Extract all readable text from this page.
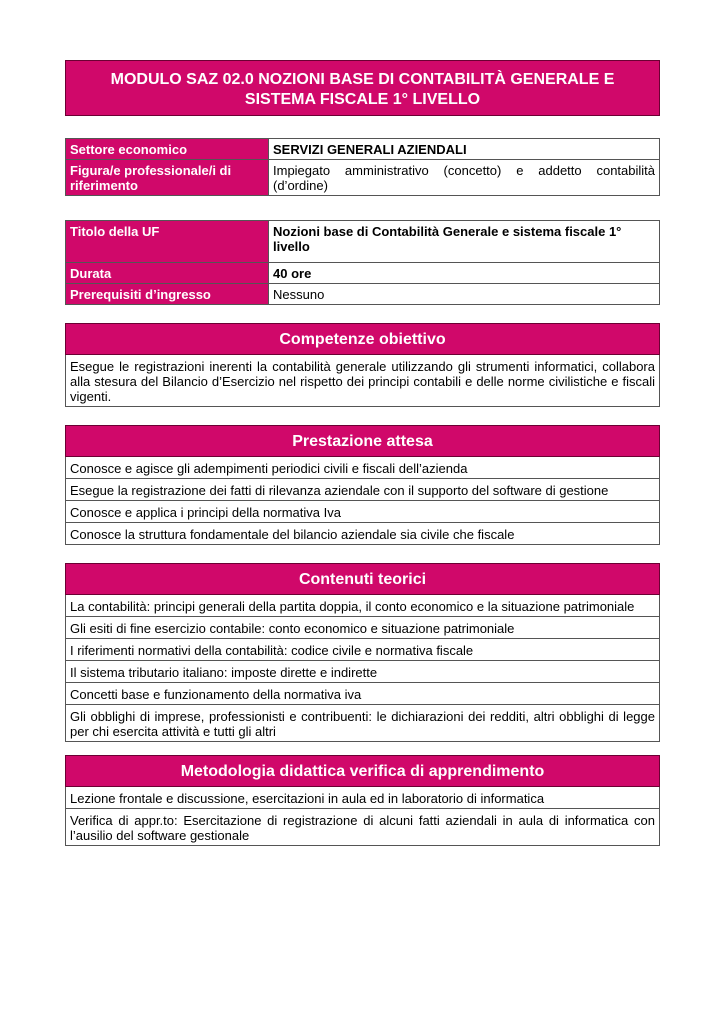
MODULO SAZ 02.0 NOZIONI BASE DI CONTABILITÀ GENERALE E
SISTEMA FISCALE 1° LIVELLO
Settore economico	SERVIZI GENERALI AZIENDALI
Figura/e professionale/i di riferimento	Impiegato amministrativo (concetto) e addetto contabilità (d’ordine)
Titolo della UF	Nozioni base di Contabilità Generale e sistema fiscale 1° livello
Durata	40 ore
Prerequisiti d’ingresso	Nessuno
Competenze obiettivo
Esegue le registrazioni inerenti la contabilità generale utilizzando gli strumenti informatici, collabora alla stesura del Bilancio d’Esercizio nel rispetto dei principi contabili e delle norme civilistiche e fiscali vigenti.
Prestazione attesa
Conosce e agisce gli adempimenti periodici civili e fiscali dell’azienda
Esegue la registrazione dei fatti di rilevanza aziendale con il supporto del software di gestione
Conosce e applica i principi della normativa Iva
Conosce la struttura fondamentale del bilancio aziendale sia civile che fiscale
Contenuti teorici
La contabilità: principi generali della partita doppia, il conto economico e la situazione patrimoniale
Gli esiti di fine esercizio contabile: conto economico e situazione patrimoniale
I riferimenti normativi della contabilità: codice civile e normativa fiscale
Il sistema tributario italiano: imposte dirette e indirette
Concetti base e funzionamento della normativa iva
Gli obblighi di imprese, professionisti e contribuenti: le dichiarazioni dei redditi, altri obblighi di legge per chi esercita attività e tutti gli altri
Metodologia didattica verifica di apprendimento
Lezione frontale e discussione, esercitazioni in aula ed in laboratorio di informatica
Verifica di appr.to: Esercitazione di registrazione di alcuni fatti aziendali in aula di informatica con l’ausilio del software gestionale
